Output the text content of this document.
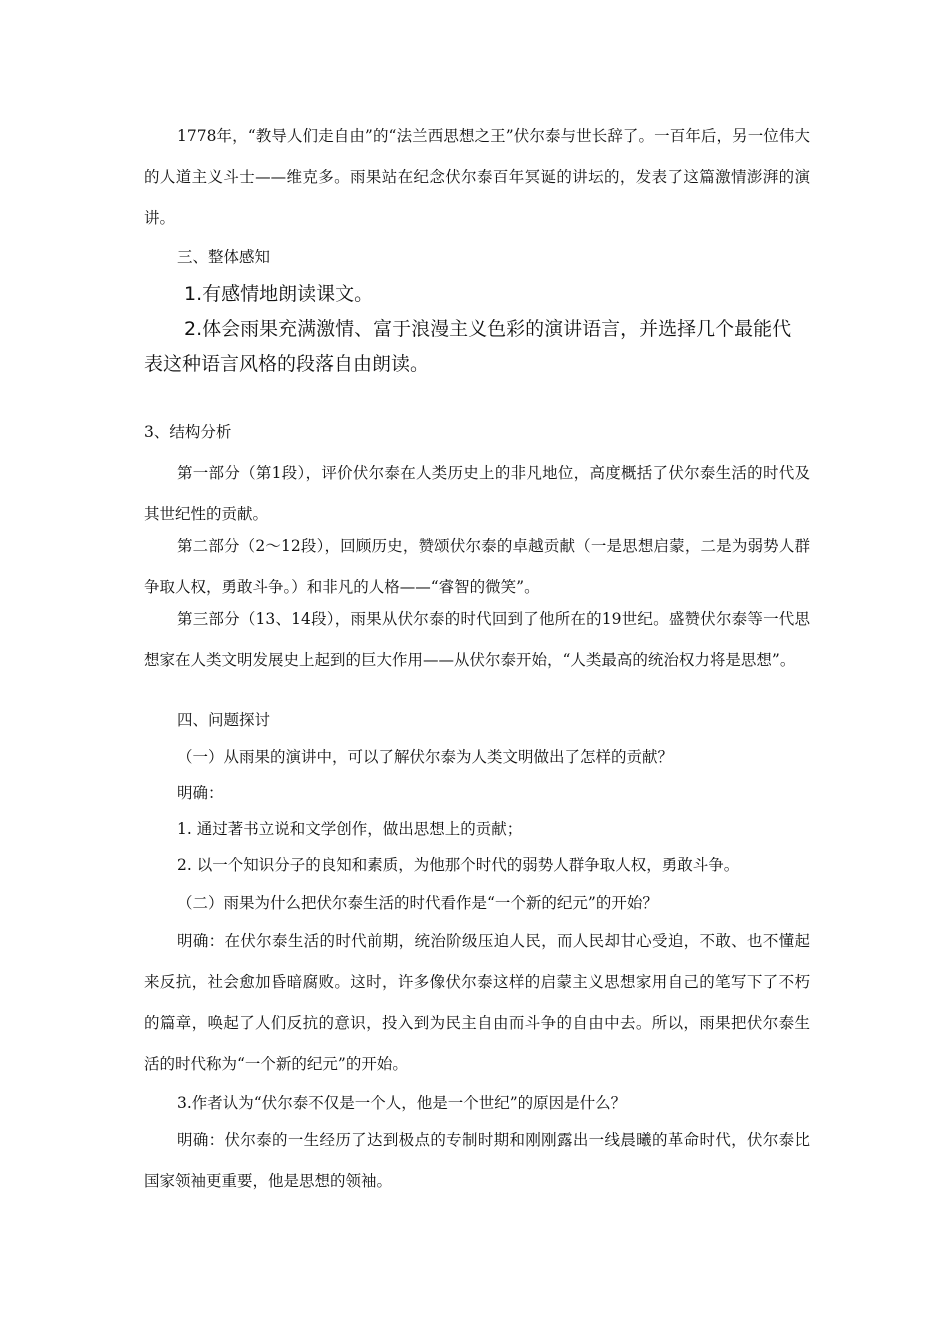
1778年，“教导人们走自由”的“法兰西思想之王”伏尔泰与世长辞了。一百年后，另一位伟大的人道主义斗士——维克多。雨果站在纪念伏尔泰百年冥诞的讲坛的，发表了这篇激情澎湃的演讲。

三、整体感知

1.有感情地朗读课文。

2.体会雨果充满激情、富于浪漫主义色彩的演讲语言，并选择几个最能代表这种语言风格的段落自由朗读。

3、结构分析

第一部分（第1段），评价伏尔泰在人类历史上的非凡地位，高度概括了伏尔泰生活的时代及其世纪性的贡献。

第二部分（2～12段），回顾历史，赞颂伏尔泰的卓越贡献（一是思想启蒙，二是为弱势人群争取人权，勇敢斗争。）和非凡的人格——“睿智的微笑”。

第三部分（13、14段），雨果从伏尔泰的时代回到了他所在的19世纪。盛赞伏尔泰等一代思想家在人类文明发展史上起到的巨大作用——从伏尔泰开始，“人类最高的统治权力将是思想”。

四、问题探讨

（一）从雨果的演讲中，可以了解伏尔泰为人类文明做出了怎样的贡献？

明确：

1. 通过著书立说和文学创作，做出思想上的贡献；

2. 以一个知识分子的良知和素质，为他那个时代的弱势人群争取人权，勇敢斗争。

（二）雨果为什么把伏尔泰生活的时代看作是“一个新的纪元”的开始？

明确：在伏尔泰生活的时代前期，统治阶级压迫人民，而人民却甘心受迫，不敢、也不懂起来反抗，社会愈加昏暗腐败。这时，许多像伏尔泰这样的启蒙主义思想家用自己的笔写下了不朽的篇章，唤起了人们反抗的意识，投入到为民主自由而斗争的自由中去。所以，雨果把伏尔泰生活的时代称为“一个新的纪元”的开始。

3.作者认为“伏尔泰不仅是一个人，他是一个世纪”的原因是什么？

明确：伏尔泰的一生经历了达到极点的专制时期和刚刚露出一线晨曦的革命时代，伏尔泰比国家领袖更重要，他是思想的领袖。
